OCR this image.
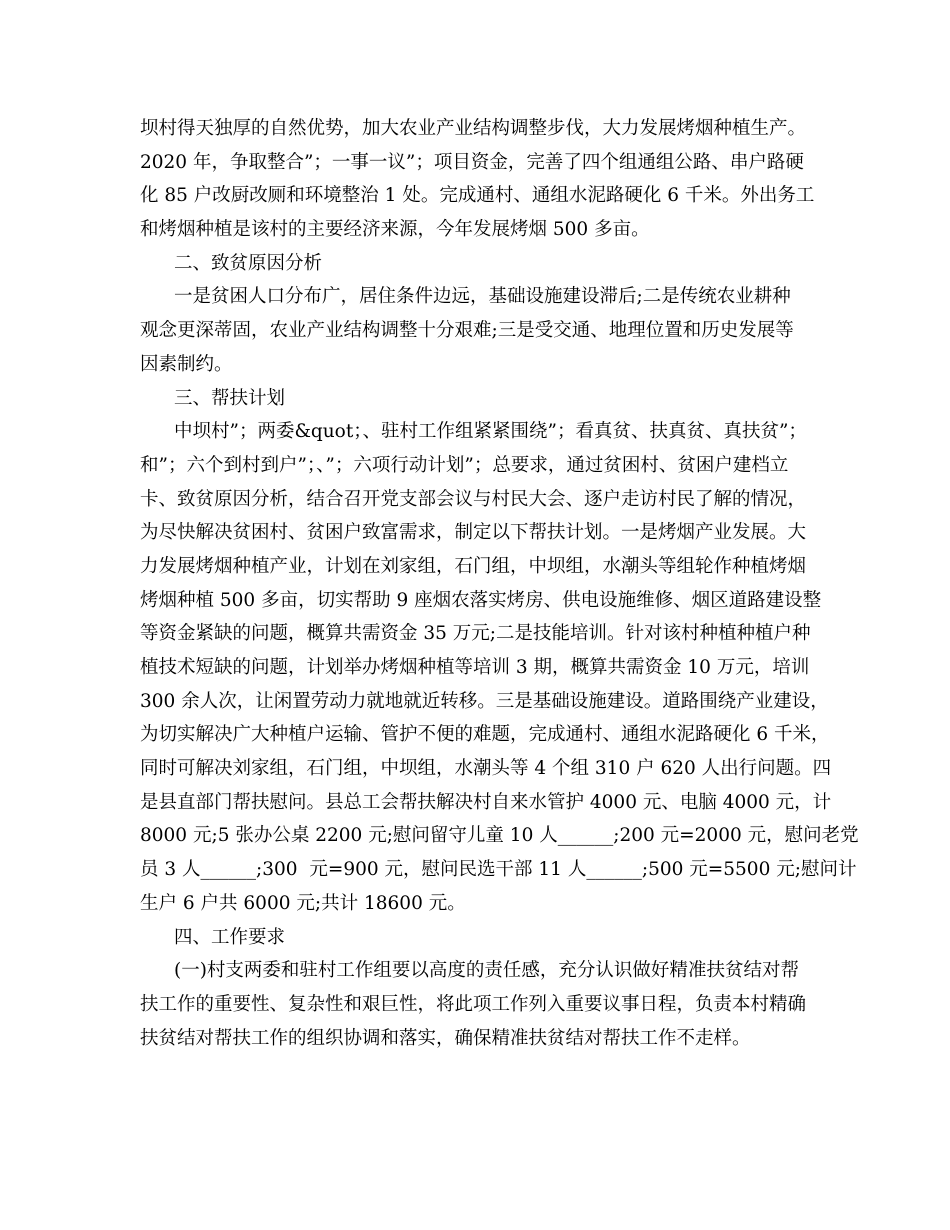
坝村得天独厚的自然优势，加大农业产业结构调整步伐，大力发展烤烟种植生产。
2020 年，争取整合”；一事一议”；项目资金，完善了四个组通组公路、串户路硬
化 85 户改厨改厕和环境整治 1 处。完成通村、通组水泥路硬化 6 千米。外出务工
和烤烟种植是该村的主要经济来源，今年发展烤烟 500 多亩。
二、致贫原因分析
一是贫困人口分布广，居住条件边远，基础设施建设滞后;二是传统农业耕种
观念更深蒂固，农业产业结构调整十分艰难;三是受交通、地理位置和历史发展等
因素制约。
三、帮扶计划
中坝村”；两委&quot；、驻村工作组紧紧围绕”；看真贫、扶真贫、真扶贫”；
和”；六个到村到户”；、”；六项行动计划”；总要求，通过贫困村、贫困户建档立
卡、致贫原因分析，结合召开党支部会议与村民大会、逐户走访村民了解的情况，
为尽快解决贫困村、贫困户致富需求，制定以下帮扶计划。一是烤烟产业发展。大
力发展烤烟种植产业，计划在刘家组，石门组，中坝组，水潮头等组轮作种植烤烟
烤烟种植 500 多亩，切实帮助 9 座烟农落实烤房、供电设施维修、烟区道路建设整
等资金紧缺的问题，概算共需资金 35 万元;二是技能培训。针对该村种植种植户种
植技术短缺的问题，计划举办烤烟种植等培训 3 期，概算共需资金 10 万元，培训
300 余人次，让闲置劳动力就地就近转移。三是基础设施建设。道路围绕产业建设，
为切实解决广大种植户运输、管护不便的难题，完成通村、通组水泥路硬化 6 千米，
同时可解决刘家组，石门组，中坝组，水潮头等 4 个组 310 户 620 人出行问题。四
是县直部门帮扶慰问。县总工会帮扶解决村自来水管护 4000 元、电脑 4000 元，计
8000 元;5 张办公桌 2200 元;慰问留守儿童 10 人______;200 元=2000 元，慰问老党
员 3 人______;300  元=900 元，慰问民选干部 11 人______;500 元=5500 元;慰问计
生户 6 户共 6000 元;共计 18600 元。
四、工作要求
(一)村支两委和驻村工作组要以高度的责任感，充分认识做好精准扶贫结对帮
扶工作的重要性、复杂性和艰巨性，将此项工作列入重要议事日程，负责本村精确
扶贫结对帮扶工作的组织协调和落实，确保精准扶贫结对帮扶工作不走样。
